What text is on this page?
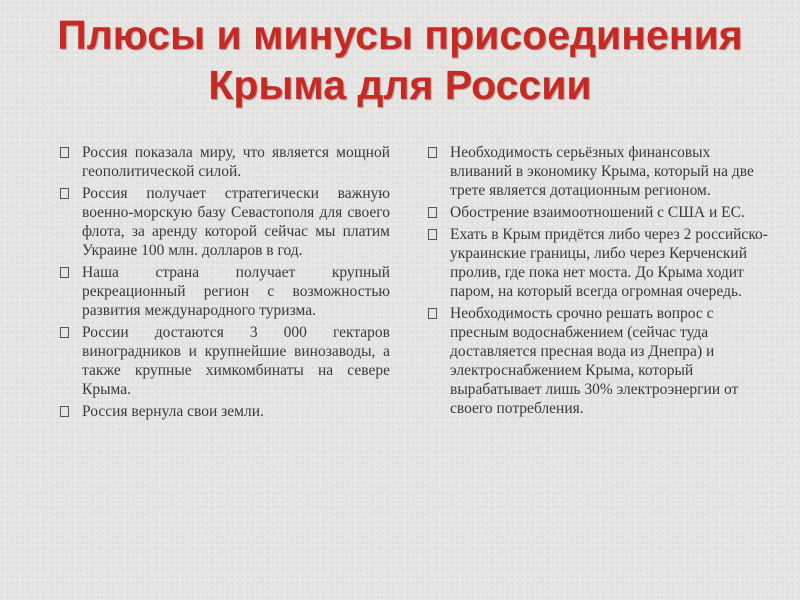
Плюсы и минусы присоединения
Крыма для России
Россия показала миру, что является мощной геополитической силой.
Россия получает стратегически важную военно-морскую базу Севастополя для своего флота, за аренду которой сейчас мы платим Украине 100 млн. долларов в год.
Наша страна получает крупный рекреационный регион с возможностью развития международного туризма.
России достаются 3 000 гектаров виноградников и крупнейшие винозаводы, а также крупные химкомбинаты на севере Крыма.
Россия вернула свои земли.
Необходимость серьёзных финансовых вливаний в экономику Крыма, который на две трете является дотационным регионом.
Обострение взаимоотношений с США и ЕС.
Ехать в Крым придётся либо через 2 российско-украинские границы, либо через Керченский пролив, где пока нет моста. До Крыма ходит паром, на который всегда огромная очередь.
Необходимость срочно решать вопрос с пресным водоснабжением (сейчас туда доставляется пресная вода из Днепра) и электроснабжением Крыма, который вырабатывает лишь 30% электроэнергии от своего потребления.
